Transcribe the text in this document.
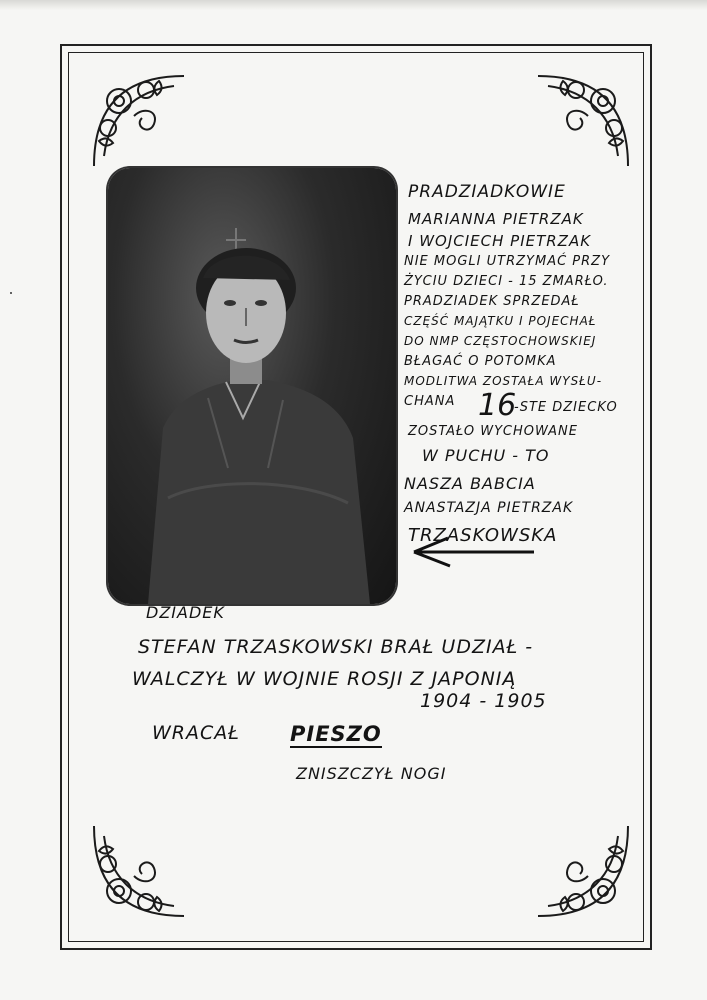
PRADZIADKOWIE
MARIANNA PIETRZAK
I WOJCIECH PIETRZAK
NIE MOGLI UTRZYMAĆ PRZY
ŻYCIU DZIECI - 15 ZMARŁO.
PRADZIADEK SPRZEDAŁ
CZĘŚĆ MAJĄTKU I POJECHAŁ
DO NMP CZĘSTOCHOWSKIEJ
BŁAGAĆ O POTOMKA
MODLITWA ZOSTAŁA WYSŁU-
CHANA 16
-STE DZIECKO
ZOSTAŁO WYCHOWANE
W PUCHU - TO
NASZA BABCIA
ANASTAZJA PIETRZAK
TRZASKOWSKA
DZIADEK
STEFAN TRZASKOWSKI BRAŁ UDZIAŁ -
WALCZYŁ W WOJNIE ROSJI Z JAPONIĄ
1904 - 1905
WRACAŁ PIESZO
ZNISZCZYŁ NOGI
